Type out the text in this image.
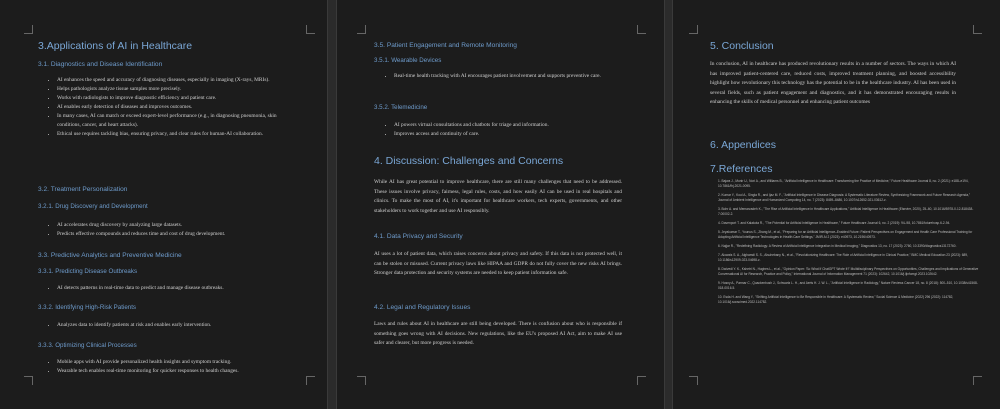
3.Applications of AI in Healthcare
3.1. Diagnostics and Disease Identification
• AI enhances the speed and accuracy of diagnosing diseases, especially in imaging (X-rays, MRIs).
• Helps pathologists analyze tissue samples more precisely.
• Works with radiologists to improve diagnostic efficiency and patient care.
• AI enables early detection of diseases and improves outcomes.
• In many cases, AI can match or exceed expert-level performance (e.g., in diagnosing pneumonia, skin conditions, cancer, and heart attacks).
• Ethical use requires tackling bias, ensuring privacy, and clear rules for human-AI collaboration.
3.2. Treatment Personalization
3.2.1. Drug Discovery and Development
• AI accelerates drug discovery by analyzing large datasets.
• Predicts effective compounds and reduces time and cost of drug development.
3.3. Predictive Analytics and Preventive Medicine
3.3.1. Predicting Disease Outbreaks
• AI detects patterns in real-time data to predict and manage disease outbreaks.
3.3.2. Identifying High-Risk Patients
• Analyzes data to identify patients at risk and enables early intervention.
3.3.3. Optimizing Clinical Processes
• Mobile apps with AI provide personalized health insights and symptom tracking.
• Wearable tech enables real-time monitoring for quicker responses to health changes.
3.5. Patient Engagement and Remote Monitoring
3.5.1. Wearable Devices
• Real-time health tracking with AI encourages patient involvement and supports preventive care.
3.5.2. Telemedicine
• AI powers virtual consultations and chatbots for triage and information.
• Improves access and continuity of care.
4. Discussion: Challenges and Concerns

While AI has great potential to improve healthcare, there are still many challenges that need to be addressed. These issues involve privacy, fairness, legal rules, costs, and how easily AI can be used in real hospitals and clinics. To make the most of AI, it's important for healthcare workers, tech experts, governments, and other stakeholders to work together and use AI responsibly.

4.1. Data Privacy and Security

AI uses a lot of patient data, which raises concerns about privacy and safety. If this data is not protected well, it can be stolen or misused. Current privacy laws like HIPAA and GDPR do not fully cover the new risks AI brings. Stronger data protection and security systems are needed to keep patient information safe.

4.2. Legal and Regulatory Issues

Laws and rules about AI in healthcare are still being developed. There is confusion about who is responsible if something goes wrong with AI decisions. New regulations, like the EU's proposed AI Act, aim to make AI use safer and clearer, but more progress is needed.

5. Conclusion

In conclusion, AI in healthcare has produced revolutionary results in a number of sectors. The ways in which AI has improved patient-centered care, reduced costs, improved treatment planning, and boosted accessibility highlight how revolutionary this technology has the potential to be in the healthcare industry. AI has been used in several fields, such as patient engagement and diagnostics, and it has demonstrated encouraging results in enhancing the skills of medical personnel and enhancing patient outcomes

6. Appendices
7.References
1. Bajwa J., Munir U., Nori A., and Williams B., "Artificial Intelligence in Healthcare: Transforming the Practice of Medicine," Future Healthcare Journal 8, no. 2 (2021): e188–e194, 10.7861/fhj.2021-0095.
2. Kumar Y., Koul A., Singla R., and Ijaz M. F., "Artificial Intelligence in Disease Diagnosis: A Systematic Literature Review, Synthesizing Framework and Future Research Agenda," Journal of Ambient Intelligence and Humanized Computing 14, no. 7 (2023): 8459–8486, 10.1007/s12652-021-03612-z.
3. Bohr A. and Memarzadeh K., "The Rise of Artificial Intelligence in Healthcare Applications," Artificial Intelligence in Healthcare (Elsevier, 2020), 25–60, 10.1016/B978-0-12-818438-7.00002-2.
4. Davenport T. and Kalakota R., "The Potential for Artificial Intelligence in Healthcare," Future Healthcare Journal 6, no. 2 (2019): 94–98, 10.7861/futurehosp.6-2-94.
5. Jeyakumar T., Younus S., Zhang M., et al., "Preparing for an Artificial Intelligence–Enabled Future: Patient Perspectives on Engagement and Health Care Professional Training for Adopting Artificial Intelligence Technologies in Health Care Settings," JMIR AI 2 (2023): e40973, 10.2196/40973.
6. Najjar R., "Redefining Radiology: A Review of Artificial Intelligence Integration in Medical Imaging," Diagnostics 13, no. 17 (2023): 2760, 10.3390/diagnostics13172760.
7. Alowais S. A., Alghamdi S. S., Alsuhebany N., et al., "Revolutionizing Healthcare: The Role of Artificial Intelligence in Clinical Practice," BMC Medical Education 23 (2023): 689, 10.1186/s12909-023-04698-z.
8. Dwivedi Y. K., Kshetri N., Hughes L., et al., "Opinion Paper: 'So What If ChatGPT Wrote It?' Multidisciplinary Perspectives on Opportunities, Challenges and Implications of Generative Conversational AI for Research, Practice and Policy," International Journal of Information Management 71 (2023): 102642, 10.1016/j.ijinfomgt.2023.102642.
9. Hosny A., Parmar C., Quackenbush J., Schwartz L. H., and Aerts H. J. W. L., "Artificial Intelligence in Radiology," Nature Reviews Cancer 18, no. 8 (2018): 500–510, 10.1038/s41568-018-0016-5.
10. Esda H. and Wang Y., "Shifting Artificial Intelligence to Be Responsible in Healthcare: A Systematic Review," Social Science & Medicine (2022) 296 (2022): 114782, 10.1016/j.socscimed.2022.114782.
